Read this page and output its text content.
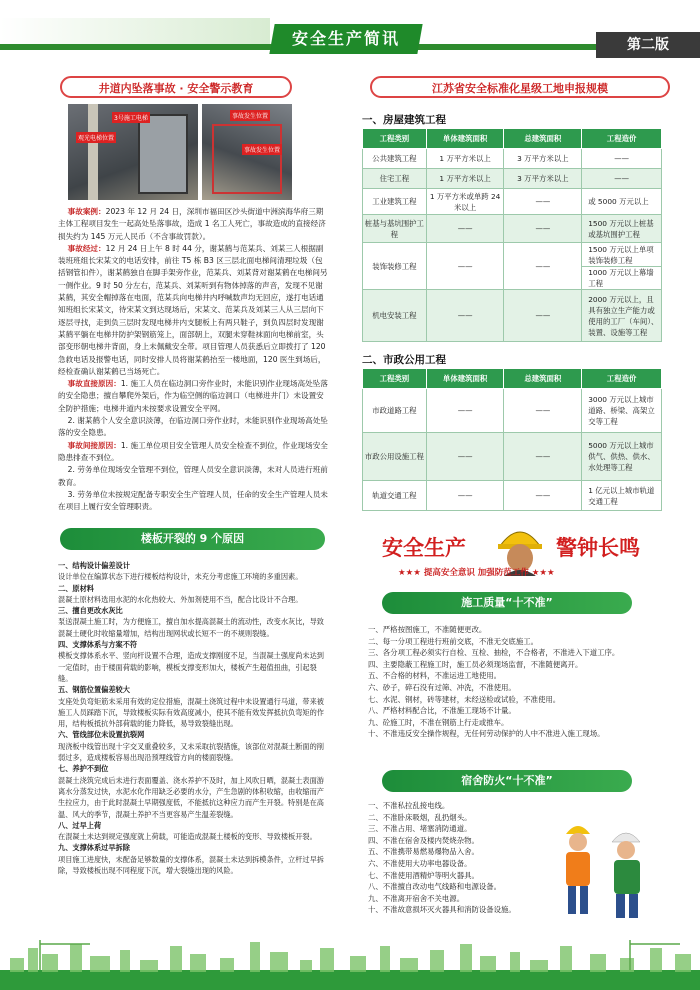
安全生产简讯	第二版
井道内坠落事故 · 安全警示教育
3号施工电梯
观光电梯位置
事故发生位置
事故发生位置

事故案例：2023 年 12 月 24 日，深圳市福田区沙头街道中洲滨海华府三期主体工程项目发生一起高处坠落事故，造成 1 名工人死亡，事故造成的直接经济损失约为 145 万元人民币（不含事故罚款）。

事故经过：12 月 24 日上午 8 时 44 分，谢某鹤与范某兵、刘某三人根据副装班班组长宋某文的电话安排，前往 T5 栋 B3 区三层北面电梯间清理垃圾（包括钢管扣件），谢某鹤独自在脚手架旁作业，范某兵、刘某背对谢某鹤在电梯间另一侧作业。9 时 50 分左右，范某兵、刘某听到有物体掉落的声音，发现不见谢某鹤，其安全帽掉落在电面，范某兵向电梯井内呼喊数声均无回应，遂打电话通知班组长宋某文，待宋某文到达现场后，宋某文、范某兵及刘某三人从三层向下逐层寻找，走到负三层时发现电梯井内支腿板上有两只鞋子，到负四层时发现谢某鹤平躺在电梯井防护架钢筋笼上，面部朝上，双腿未穿鞋袜面向电梯前室，头部变形朝电梯井背面，身上未佩戴安全带。项目管理人员获悉后立即拨打了 120 急救电话及报警电话，同时安排人员将谢某鹤抬至一楼地面，120 医生到场后，经检查确认谢某鹤已当场死亡。

事故直接原因：1. 施工人员在临边洞口旁作业时，未能识别作业现场高处坠落的安全隐患；擅自攀爬外架后，作为临空侧的临边洞口（电梯进井门）未设置安全防护措施；电梯井道内未按要求设置安全平网。

2. 谢某鹤个人安全意识淡薄，在临边洞口旁作业时，未能识别作业现场高处坠落的安全隐患。

事故间接原因：1. 施工单位项目安全管理人员安全检查不到位，作业现场安全隐患排查不到位。

2. 劳务单位现场安全管理不到位，管理人员安全意识淡薄，未对人员进行班前教育。

3. 劳务单位未按规定配备专职安全生产管理人员，任命的安全生产管理人员未在项目上履行安全管理职责。

楼板开裂的 9 个原因
一、结构设计偏差设计
设计单位在编算状态下进行楼板结构设计，未充分考虑施工环境的多重因素。
二、原材料
混凝土原材料选用水泥的水化热较大、外加剂使用不当，配合比设计不合理。
三、擅自更改水灰比
泵送混凝土施工时，为方便施工，擅自加水提高混凝土的流动性，改变水灰比，导致混凝土硬化时收缩量增加，结构出现网状或长短不一的不规则裂缝。
四、支撑体系与方案不符
模板支撑体系水平、竖向杆设置不合理，造成支撑刚度不足，当混凝土强度尚未达到一定值时，由于楼面荷载的影响，模板支撑变形加大，楼板产生超值扭曲，引起裂缝。
五、钢筋位置偏差较大
支座处负弯矩筋未采用有效的定位措施，混凝土浇筑过程中未设置通行马道，带来被施工人员踩踏下沉，导致楼板实际有效高度减小，使其不能有效发挥抵抗负弯矩的作用，结构板抵抗外部荷载的能力降低，易导致裂缝出现。
六、管线部位未设置抗裂网
现浇板中线管出现十字交叉重叠较多，又未采取抗裂措施，该部位对混凝土断面的削弱过多，造成楼板容易出现沿预埋线管方向的楼面裂缝。
七、养护不到位
混凝土浇筑完成后未进行表面覆盖、浇水养护不及时，加上风吹日晒，混凝土表面游离水分蒸发过快，水泥水化作用缺乏必要的水分，产生急剧的体积收缩，由收缩而产生拉应力，由于此时混凝土早期强度低，不能抵抗这种应力而产生开裂。特别是在高温、风大的季节，混凝土养护不当更容易产生温差裂缝。
八、过早上荷
在混凝土未达到规定强度就上荷载，可能造成混凝土楼板的变形、导致楼板开裂。
九、支撑体系过早拆除
项目施工进度快，未配备足够数量的支撑体系，混凝土未达到拆模条件，立杆过早拆除，导致楼板出现不同程度下沉，增大裂缝出现的风险。
江苏省安全标准化星级工地申报规模
一、房屋建筑工程
工程类别	单体建筑面积	总建筑面积	工程造价
公共建筑工程	1 万平方米以上	3 万平方米以上	——
住宅工程	1 万平方米以上	3 万平方米以上	——
工业建筑工程	1 万平方米或单跨 24 米以上	——	或 5000 万元以上
桩基与基坑围护工程	——	——	1500 万元以上桩基或基坑围护工程
装饰装修工程	——	——	1500 万元以上单项装饰装修工程
			1000 万元以上幕墙工程
机电安装工程	——	——	2000 万元以上，且具有独立生产能力或使用的工厂（车间）、装置、设施等工程
二、市政公用工程
工程类别	单体建筑面积	总建筑面积	工程造价
市政道路工程	——	——	3000 万元以上城市道路、桥梁、高架立交等工程
市政公用设施工程	——	——	5000 万元以上城市供气、供热、供水、水处理等工程
轨道交通工程	——	——	1 亿元以上城市轨道交通工程
安全生产	警钟长鸣
★★★ 提高安全意识 加强防范工作 ★★★
施工质量“十不准”
一、严格按图施工，不准随便更改。
二、每一分项工程进行班前交底，不准无交底施工。
三、各分项工程必须实行自检、互检、抽检，不合格者，不准进入下道工序。
四、主要隐蔽工程施工时，施工员必须现场监督，不准随便离开。
五、不合格的材料，不准运进工地使用。
六、砂子，碎石没有过筛、冲洗，不准使用。
七、水泥、钢材，砖等建材，未经送检或试验，不准使用。
八、严格材料配合比，不准施工现场不计量。
九、砼施工时，不准在钢筋上行走或推车。
十、不准违反安全操作规程，无任何劳动保护的人中不准进入施工现场。
宿舍防火“十不准”
一、不准私拉乱接电线。
二、不准卧床吸烟，乱扔烟头。
三、不准占用、堵塞消防通道。
四、不准在宿舍及楼内焚烧杂物。
五、不准携带易燃易爆物品入舍。
六、不准使用大功率电器设备。
七、不准使用酒精炉等明火器具。
八、不准擅自改动电气线路和电源设备。
九、不准离开宿舍不关电源。
十、不准故意损坏灭火器具和消防设备设施。
